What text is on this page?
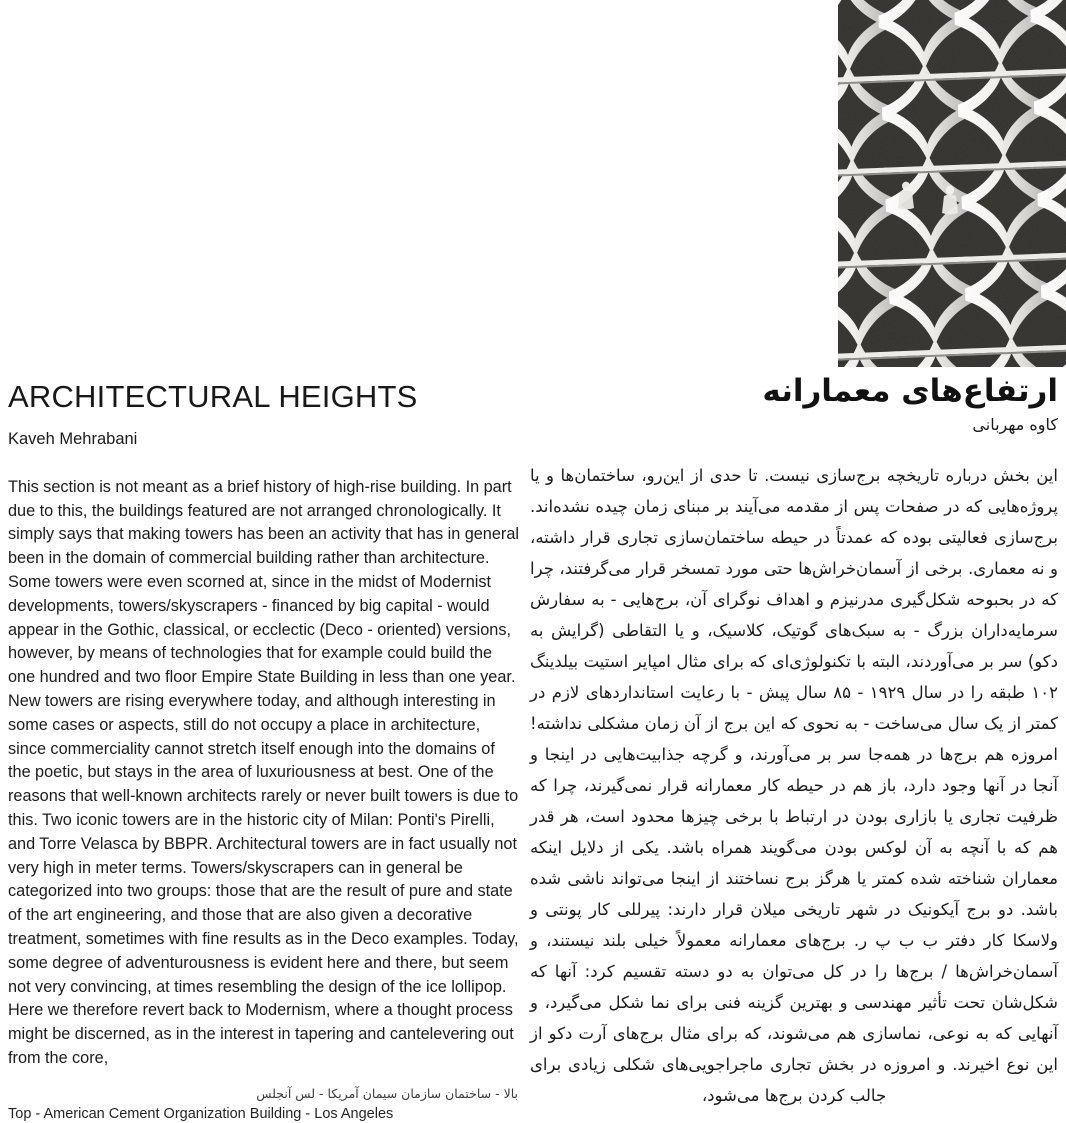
ARCHITECTURAL HEIGHTS
Kaveh Mehrabani

This section is not meant as a brief history of high-rise building. In part due to this, the buildings featured are not arranged chronologically. It simply says that making towers has been an activity that has in general been in the domain of commercial building rather than architecture. Some towers were even scorned at, since in the midst of Modernist developments, towers/skyscrapers - financed by big capital - would appear in the Gothic, classical, or ecclectic (Deco - oriented) versions, however, by means of technologies that for example could build the one hundred and two floor Empire State Building in less than one year. New towers are rising everywhere today, and although interesting in some cases or aspects, still do not occupy a place in architecture, since commerciality cannot stretch itself enough into the domains of the poetic, but stays in the area of luxuriousness at best. One of the reasons that well-known architects rarely or never built towers is due to this. Two iconic towers are in the historic city of Milan: Ponti's Pirelli, and Torre Velasca by BBPR. Architectural towers are in fact usually not very high in meter terms. Towers/skyscrapers can in general be categorized into two groups: those that are the result of pure and state of the art engineering, and those that are also given a decorative treatment, sometimes with fine results as in the Deco examples. Today, some degree of adventurousness is evident here and there, but seem not very convincing, at times resembling the design of the ice lollipop. Here we therefore revert back to Modernism, where a thought process might be discerned, as in the interest in tapering and cantelevering out from the core,

ارتفاع‌های معمارانه
کاوه مهربانی

این بخش درباره تاریخچه برج‌سازی نیست. تا حدی از این‌رو، ساختمان‌ها و یا پروژه‌هایی که در صفحات پس از مقدمه می‌آیند بر مبنای زمان چیده نشده‌اند. برج‌سازی فعالیتی بوده که عمدتاً در حیطه ساختمان‌سازی تجاری قرار داشته، و نه معماری. برخی از آسمان‌خراش‌ها حتی مورد تمسخر قرار می‌گرفتند، چرا که در بحبوحه شکل‌گیری مدرنیزم و اهداف نوگرای آن، برج‌هایی - به سفارش سرمایه‌داران بزرگ - به سبک‌های گوتیک، کلاسیک، و یا التقاطی (گرایش به دکو) سر بر می‌آوردند، البته با تکنولوژی‌ای که برای مثال امپایر استیت بیلدینگ ۱۰۲ طبقه را در سال ۱۹۲۹ - ۸۵ سال پیش - با رعایت استانداردهای لازم در کمتر از یک سال می‌ساخت - به نحوی که این برج از آن زمان مشکلی نداشته! امروزه هم برج‌ها در همه‌جا سر بر می‌آورند، و گرچه جذابیت‌هایی در اینجا و آنجا در آنها وجود دارد، باز هم در حیطه کار معمارانه قرار نمی‌گیرند، چرا که ظرفیت تجاری یا بازاری بودن در ارتباط با برخی چیزها محدود است، هر قدر هم که با آنچه به آن لوکس بودن می‌گویند همراه باشد. یکی از دلایل اینکه معماران شناخته شده کمتر یا هرگز برج نساختند از اینجا می‌تواند ناشی شده باشد. دو برج آیکونیک در شهر تاریخی میلان قرار دارند: پیرللی کار پونتی و ولاسکا کار دفتر ب ب پ ر. برج‌های معمارانه معمولاً خیلی بلند نیستند، و آسمان‌خراش‌ها / برج‌ها را در کل می‌توان به دو دسته تقسیم کرد: آنها که شکل‌شان تحت تأثیر مهندسی و بهترین گزینه فنی برای نما شکل می‌گیرد، و آنهایی که به نوعی، نماسازی هم می‌شوند، که برای مثال برج‌های آرت دکو از این نوع اخیرند. و امروزه در بخش تجاری ماجراجویی‌های شکلی زیادی برای جالب کردن برج‌ها می‌شود،

بالا - ساختمان سازمان سیمان آمریکا - لس آنجلس
Top - American Cement Organization Building - Los Angeles
